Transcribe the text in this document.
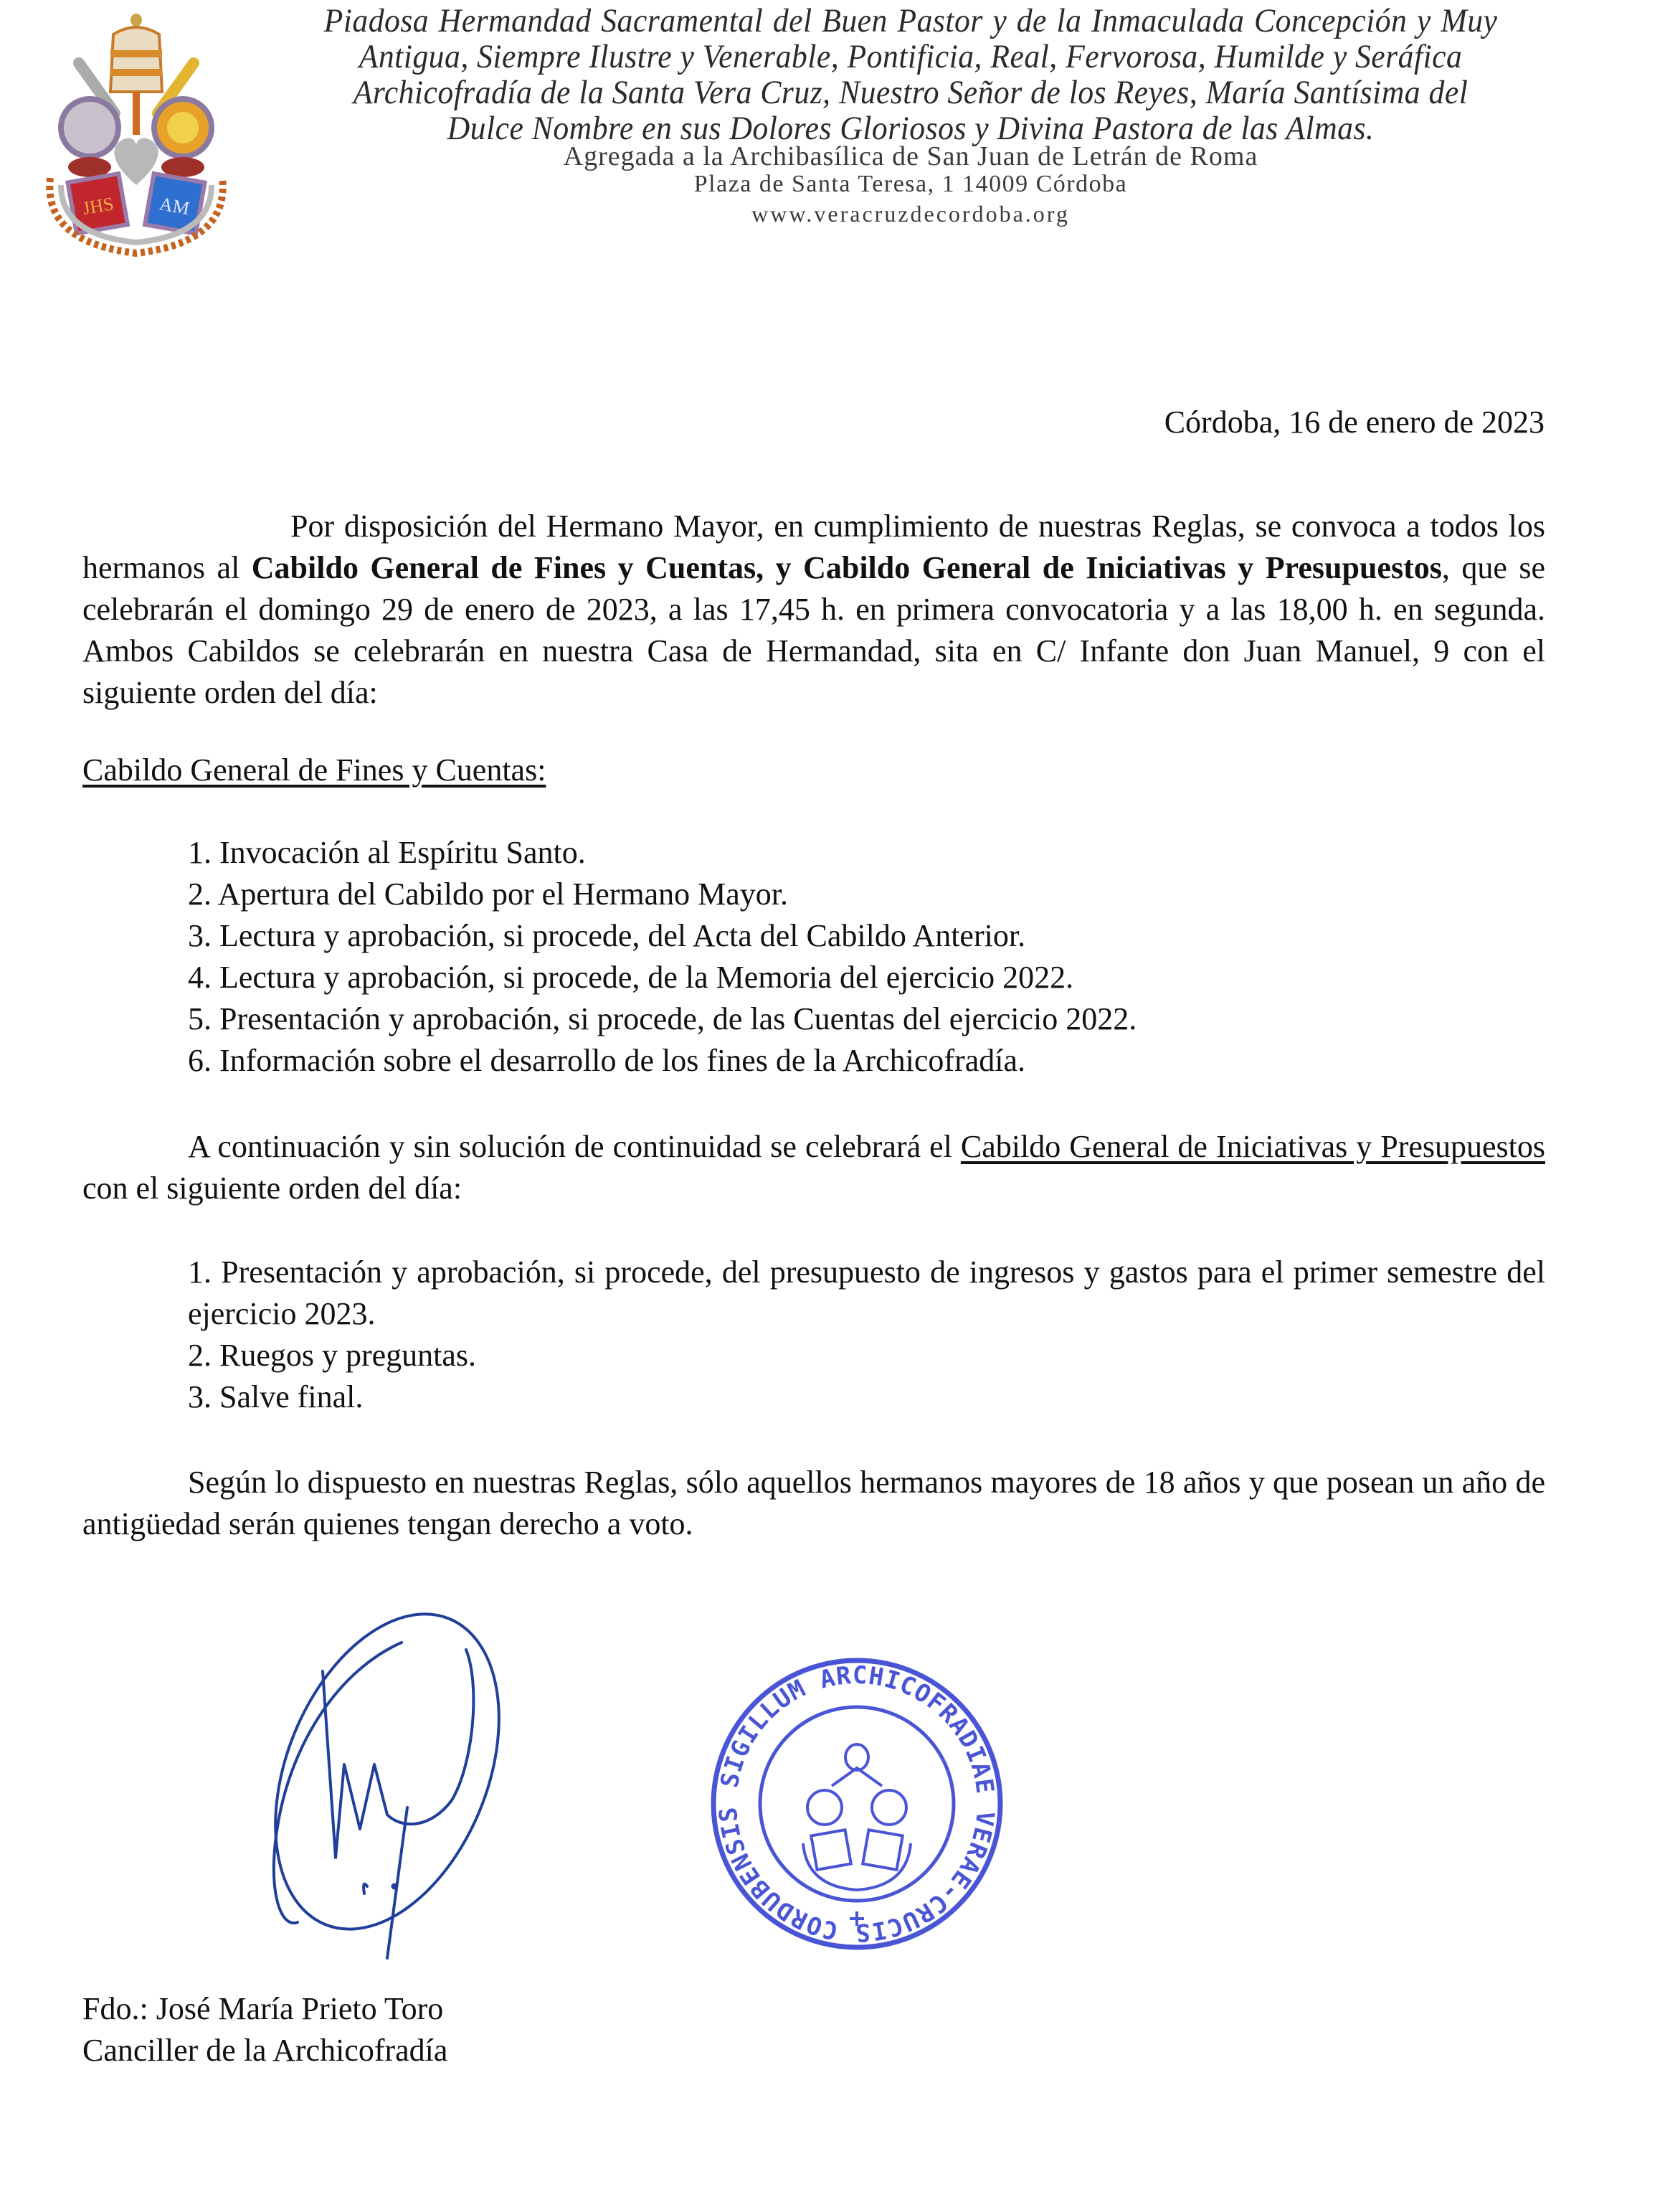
JHS AM
Piadosa Hermandad Sacramental del Buen Pastor y de la Inmaculada Concepción y Muy
Antigua, Siempre Ilustre y Venerable, Pontificia, Real, Fervorosa, Humilde y Seráfica
Archicofradía de la Santa Vera Cruz, Nuestro Señor de los Reyes, María Santísima del
Dulce Nombre en sus Dolores Gloriosos y Divina Pastora de las Almas.
Agregada a la Archibasílica de San Juan de Letrán de Roma
Plaza de Santa Teresa, 1 14009 Córdoba
www.veracruzdecordoba.org
Córdoba, 16 de enero de 2023
Por disposición del Hermano Mayor, en cumplimiento de nuestras Reglas, se convoca a todos los hermanos al Cabildo General de Fines y Cuentas, y Cabildo General de Iniciativas y Presupuestos, que se celebrarán el domingo 29 de enero de 2023, a las 17,45 h. en primera convocatoria y a las 18,00 h. en segunda. Ambos Cabildos se celebrarán en nuestra Casa de Hermandad, sita en C/ Infante don Juan Manuel, 9 con el siguiente orden del día:
Cabildo General de Fines y Cuentas:
1. Invocación al Espíritu Santo.
2. Apertura del Cabildo por el Hermano Mayor.
3. Lectura y aprobación, si procede, del Acta del Cabildo Anterior.
4. Lectura y aprobación, si procede, de la Memoria del ejercicio 2022.
5. Presentación y aprobación, si procede, de las Cuentas del ejercicio 2022.
6. Información sobre el desarrollo de los fines de la Archicofradía.
A continuación y sin solución de continuidad se celebrará el Cabildo General de Iniciativas y Presupuestos con el siguiente orden del día:
1. Presentación y aprobación, si procede, del presupuesto de ingresos y gastos para el primer semestre del ejercicio 2023.
2. Ruegos y preguntas.
3. Salve final.
Según lo dispuesto en nuestras Reglas, sólo aquellos hermanos mayores de 18 años y que posean un año de antigüedad serán quienes tengan derecho a voto.
SIGILLUM ARCHICOFRADIAE VERAE-CRUCIS CORDUBENSIS
Fdo.: José María Prieto Toro
Canciller de la Archicofradía
